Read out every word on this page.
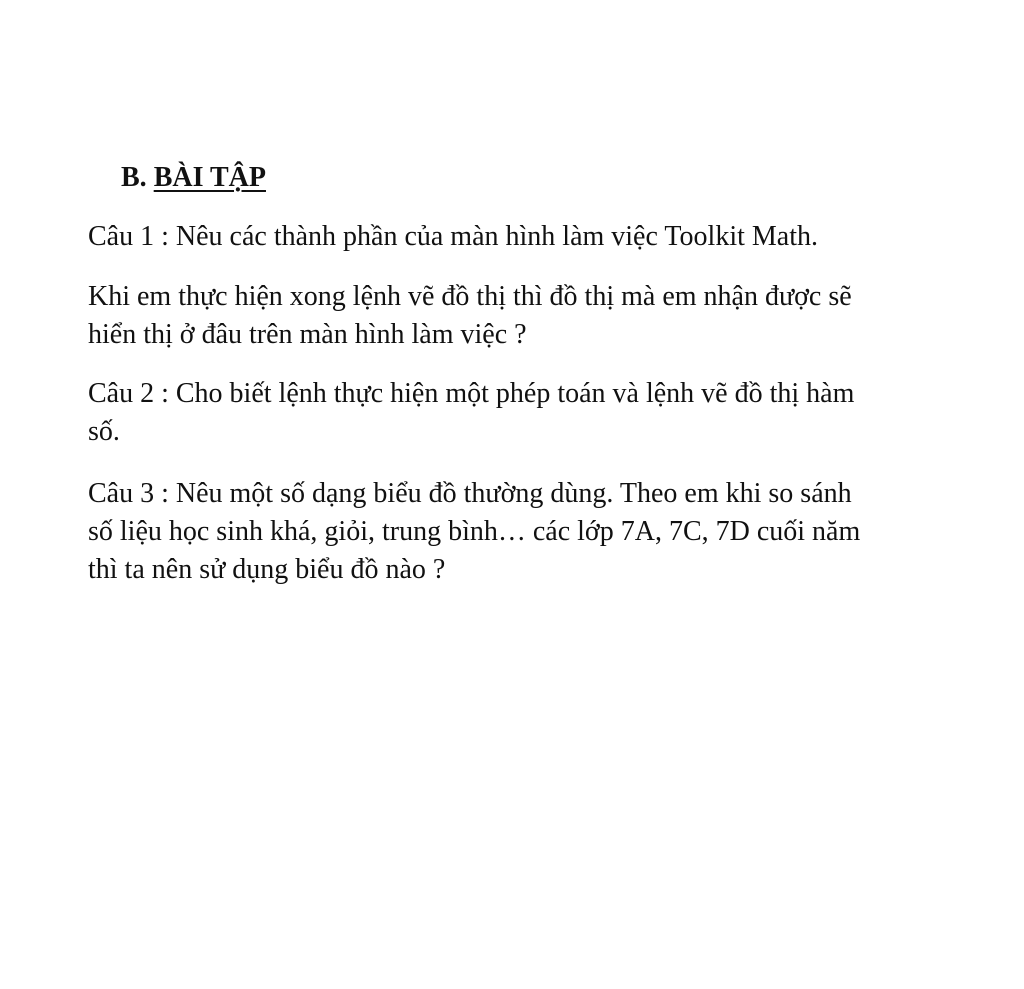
B. BÀI TẬP
Câu 1 : Nêu các thành phần của màn hình làm việc Toolkit Math.
Khi em thực hiện xong lệnh vẽ đồ thị thì đồ thị mà em nhận được sẽ
hiển thị ở đâu trên màn hình làm việc ?
Câu 2 : Cho biết lệnh thực hiện một phép toán và lệnh vẽ đồ thị hàm
số.
Câu 3 : Nêu một số dạng biểu đồ thường dùng. Theo em khi so sánh
số liệu học sinh khá, giỏi, trung bình… các lớp 7A, 7C, 7D cuối năm
thì ta nên sử dụng biểu đồ nào ?
